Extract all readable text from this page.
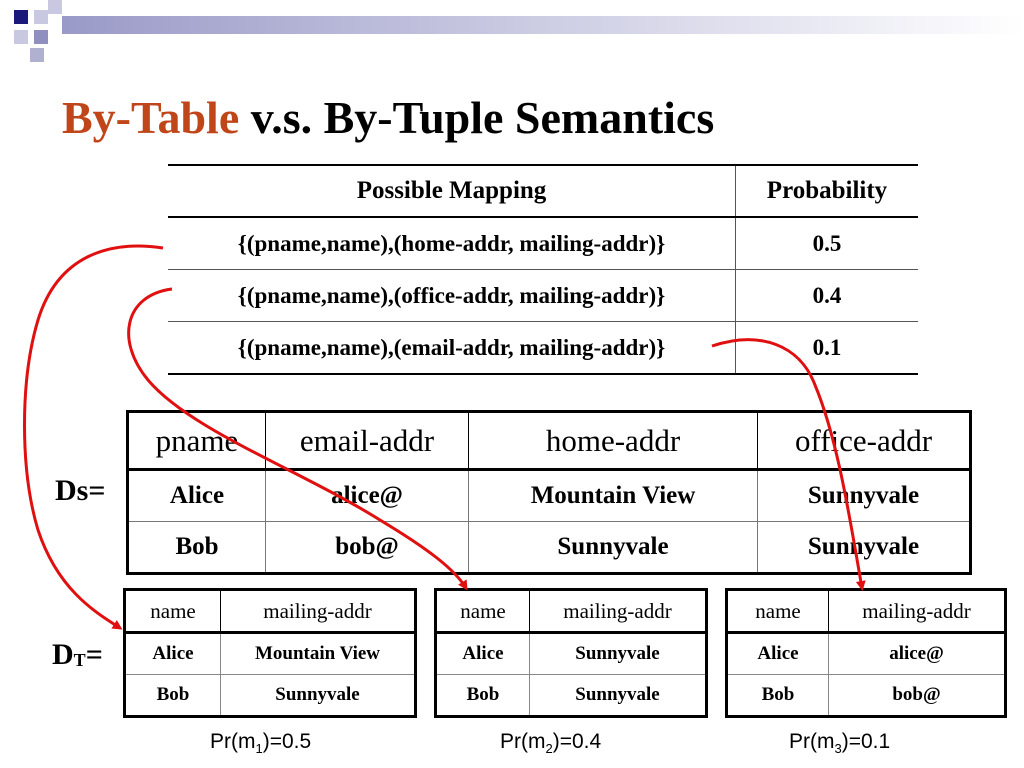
By-Table v.s. By-Tuple Semantics
Possible Mapping	Probability
{(pname,name),(home-addr, mailing-addr)}	0.5
{(pname,name),(office-addr, mailing-addr)}	0.4
{(pname,name),(email-addr, mailing-addr)}	0.1
Ds=
pname	email-addr	home-addr	office-addr
Alice	alice@	Mountain View	Sunnyvale
Bob	bob@	Sunnyvale	Sunnyvale
$D_T=$
name	mailing-addr
Alice	Mountain View
Bob	Sunnyvale
name	mailing-addr
Alice	Sunnyvale
Bob	Sunnyvale
name	mailing-addr
Alice	alice@
Bob	bob@
$Pr(m_1)=0.5$	$Pr(m_2)=0.4$	$Pr(m_3)=0.1$
